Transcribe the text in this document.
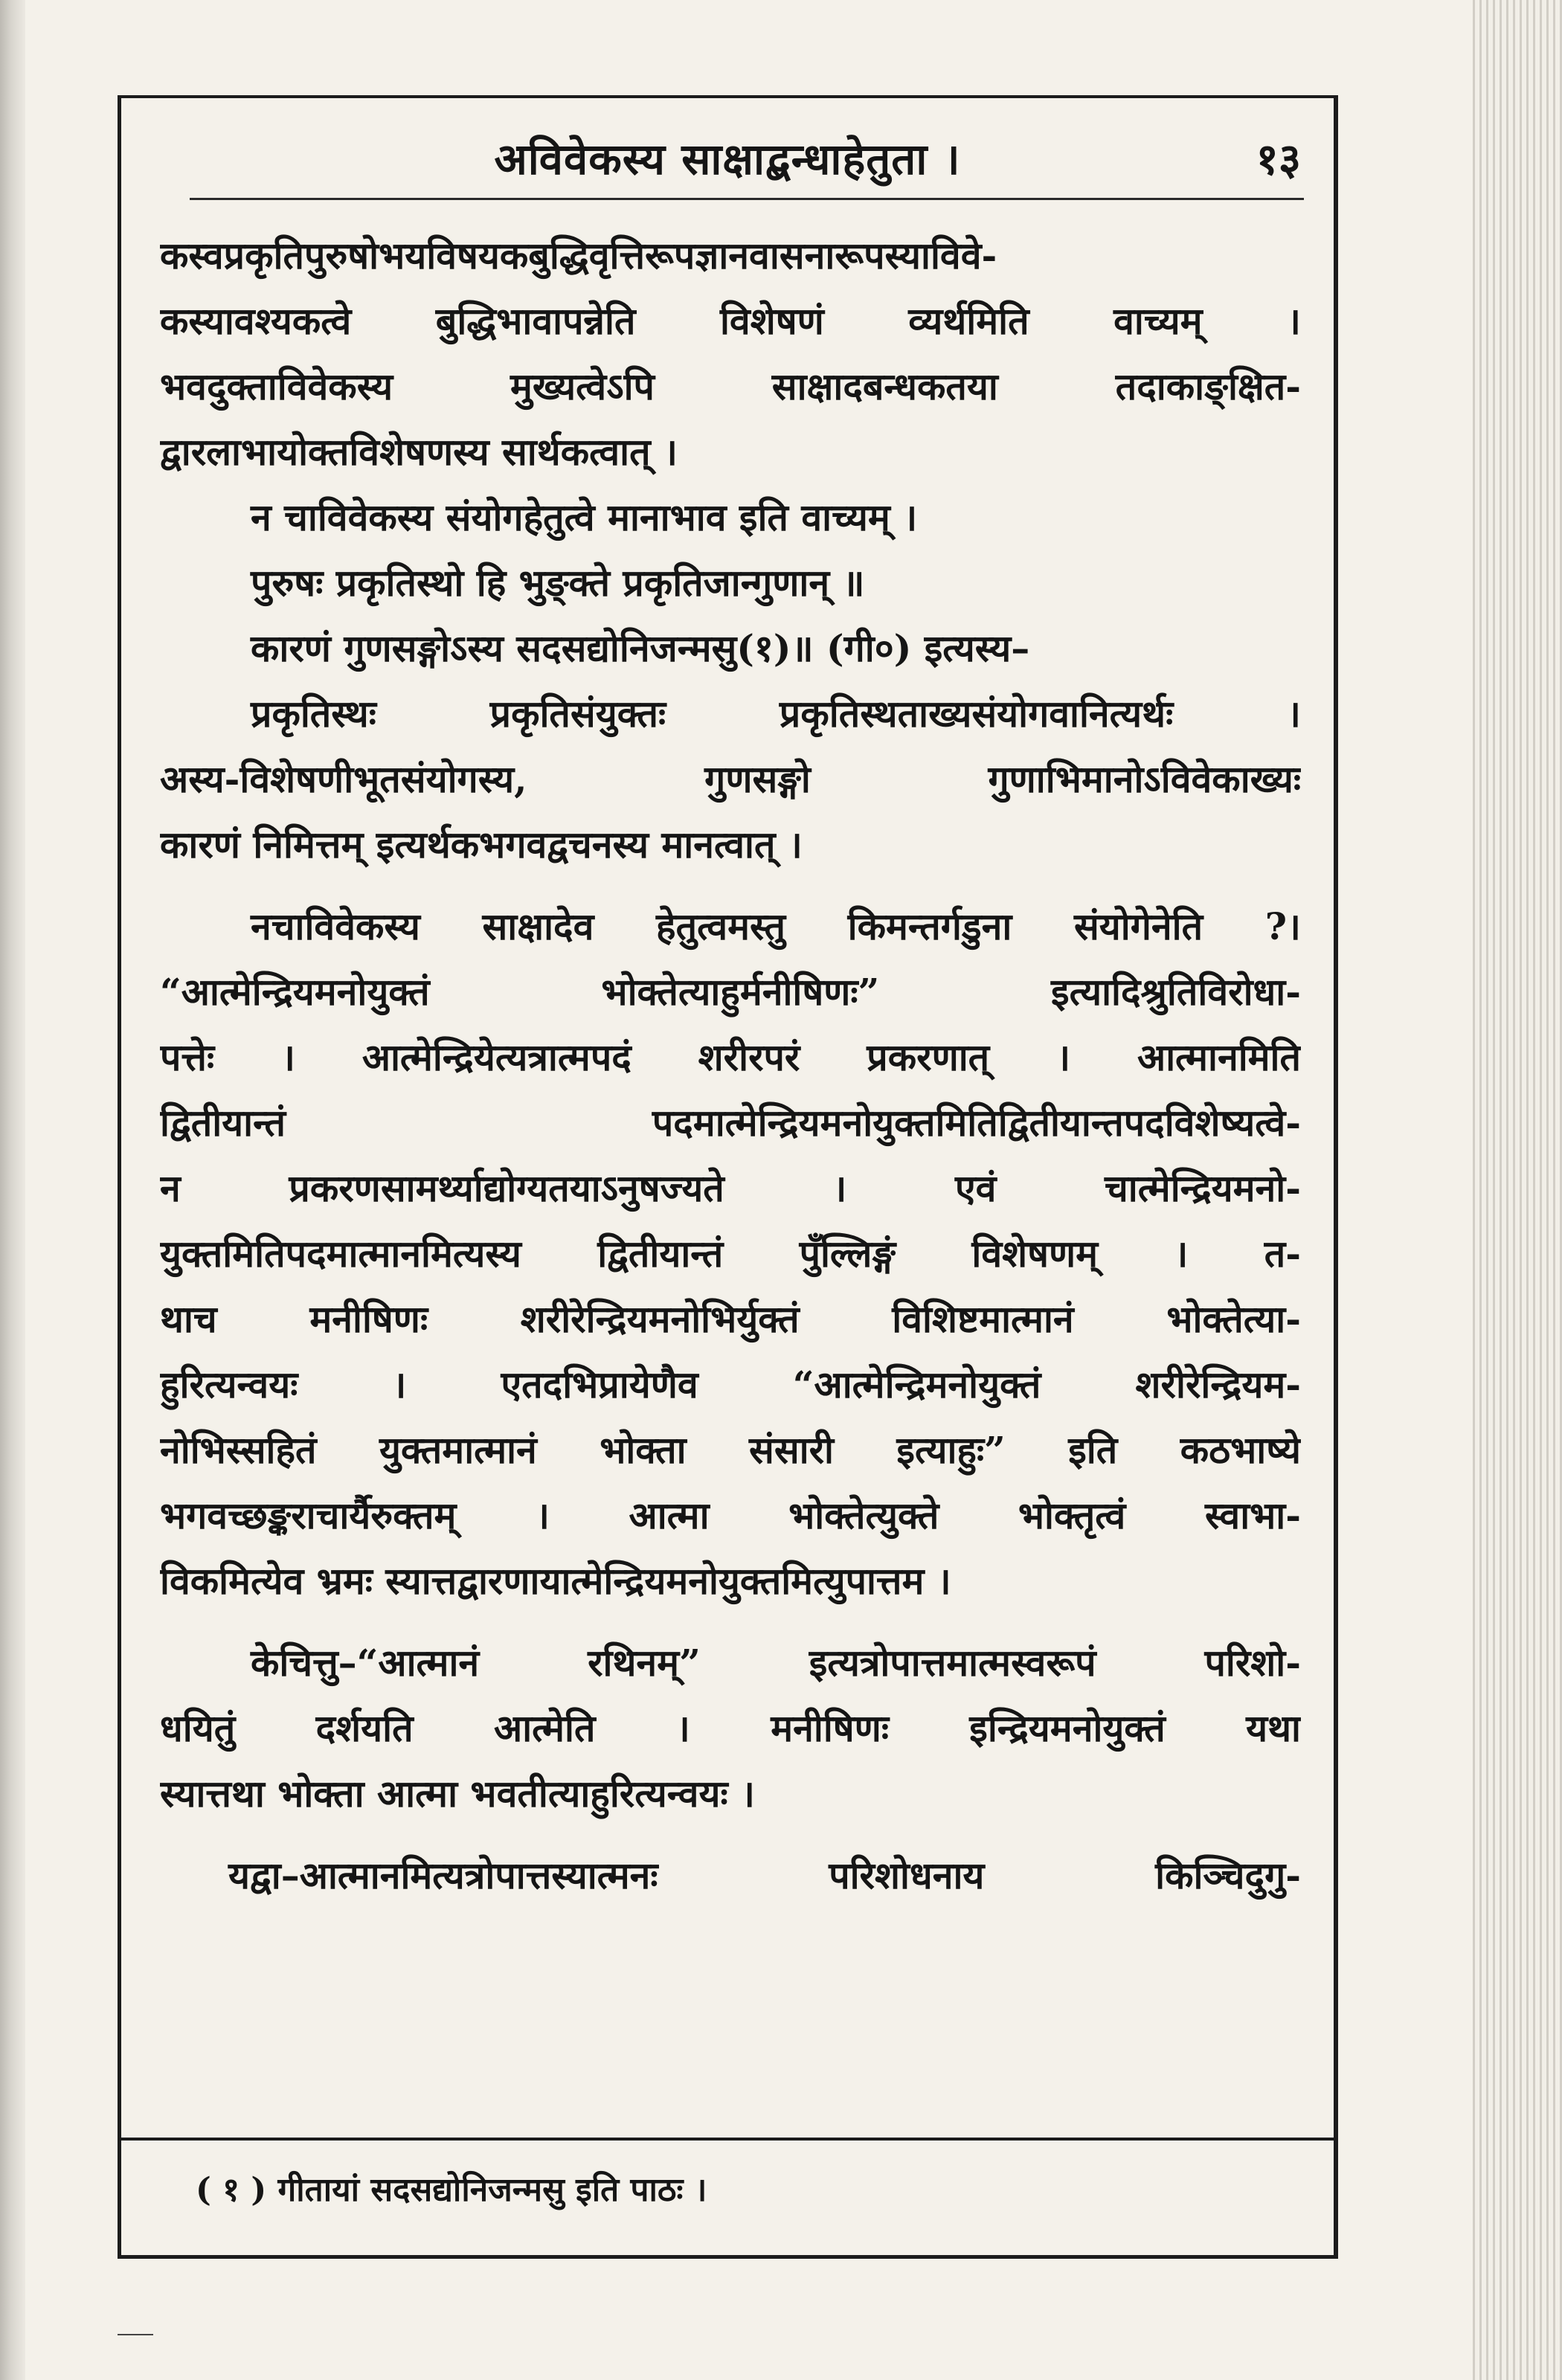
अविवेकस्य साक्षाद्बन्धाहेतुता ।	१३
कस्वप्रकृतिपुरुषोभयविषयकबुद्धिवृत्तिरूपज्ञानवासनारूपस्याविवे-
कस्यावश्यकत्वे बुद्धिभावापन्नेति विशेषणं व्यर्थमिति वाच्यम् ।
भवदुक्ताविवेकस्य मुख्यत्वेऽपि साक्षादबन्धकतया तदाकाङ्क्षित-
द्वारलाभायोक्तविशेषणस्य सार्थकत्वात् ।
न चाविवेकस्य संयोगहेतुत्वे मानाभाव इति वाच्यम् ।
पुरुषः प्रकृतिस्थो हि भुङ्क्ते प्रकृतिजान्गुणान् ॥
कारणं गुणसङ्गोऽस्य सदसद्योनिजन्मसु(१)॥ (गी०) इत्यस्य–
प्रकृतिस्थः प्रकृतिसंयुक्तः प्रकृतिस्थताख्यसंयोगवानित्यर्थः ।
अस्य-विशेषणीभूतसंयोगस्य, गुणसङ्गो गुणाभिमानोऽविवेकाख्यः
कारणं निमित्तम् इत्यर्थकभगवद्वचनस्य मानत्वात् ।
नचाविवेकस्य साक्षादेव हेतुत्वमस्तु किमन्तर्गडुना संयोगेनेति ?।
“आत्मेन्द्रियमनोयुक्तं भोक्तेत्याहुर्मनीषिणः” इत्यादिश्रुतिविरोधा-
पत्तेः । आत्मेन्द्रियेत्यत्रात्मपदं शरीरपरं प्रकरणात् । आत्मानमिति
द्वितीयान्तं पदमात्मेन्द्रियमनोयुक्तमितिद्वितीयान्तपदविशेष्यत्वे-
न प्रकरणसामर्थ्याद्योग्यतयाऽनुषज्यते । एवं चात्मेन्द्रियमनो-
युक्तमितिपदमात्मानमित्यस्य द्वितीयान्तं पुँल्लिङ्गं विशेषणम् । त-
थाच मनीषिणः शरीरेन्द्रियमनोभिर्युक्तं विशिष्टमात्मानं भोक्तेत्या-
हुरित्यन्वयः । एतदभिप्रायेणैव “आत्मेन्द्रिमनोयुक्तं शरीरेन्द्रियम-
नोभिस्सहितं युक्तमात्मानं भोक्ता संसारी इत्याहुः” इति कठभाष्ये
भगवच्छङ्कराचार्यैरुक्तम् । आत्मा भोक्तेत्युक्ते भोक्तृत्वं स्वाभा-
विकमित्येव भ्रमः स्यात्तद्वारणायात्मेन्द्रियमनोयुक्तमित्युपात्तम ।
केचित्तु–“आत्मानं रथिनम्” इत्यत्रोपात्तमात्मस्वरूपं परिशो-
धयितुं दर्शयति आत्मेति । मनीषिणः इन्द्रियमनोयुक्तं यथा
स्यात्तथा भोक्ता आत्मा भवतीत्याहुरित्यन्वयः ।
यद्वा–आत्मानमित्यत्रोपात्तस्यात्मनः परिशोधनाय किञ्चिदुगु-
( १ ) गीतायां सदसद्योनिजन्मसु इति पाठः ।
